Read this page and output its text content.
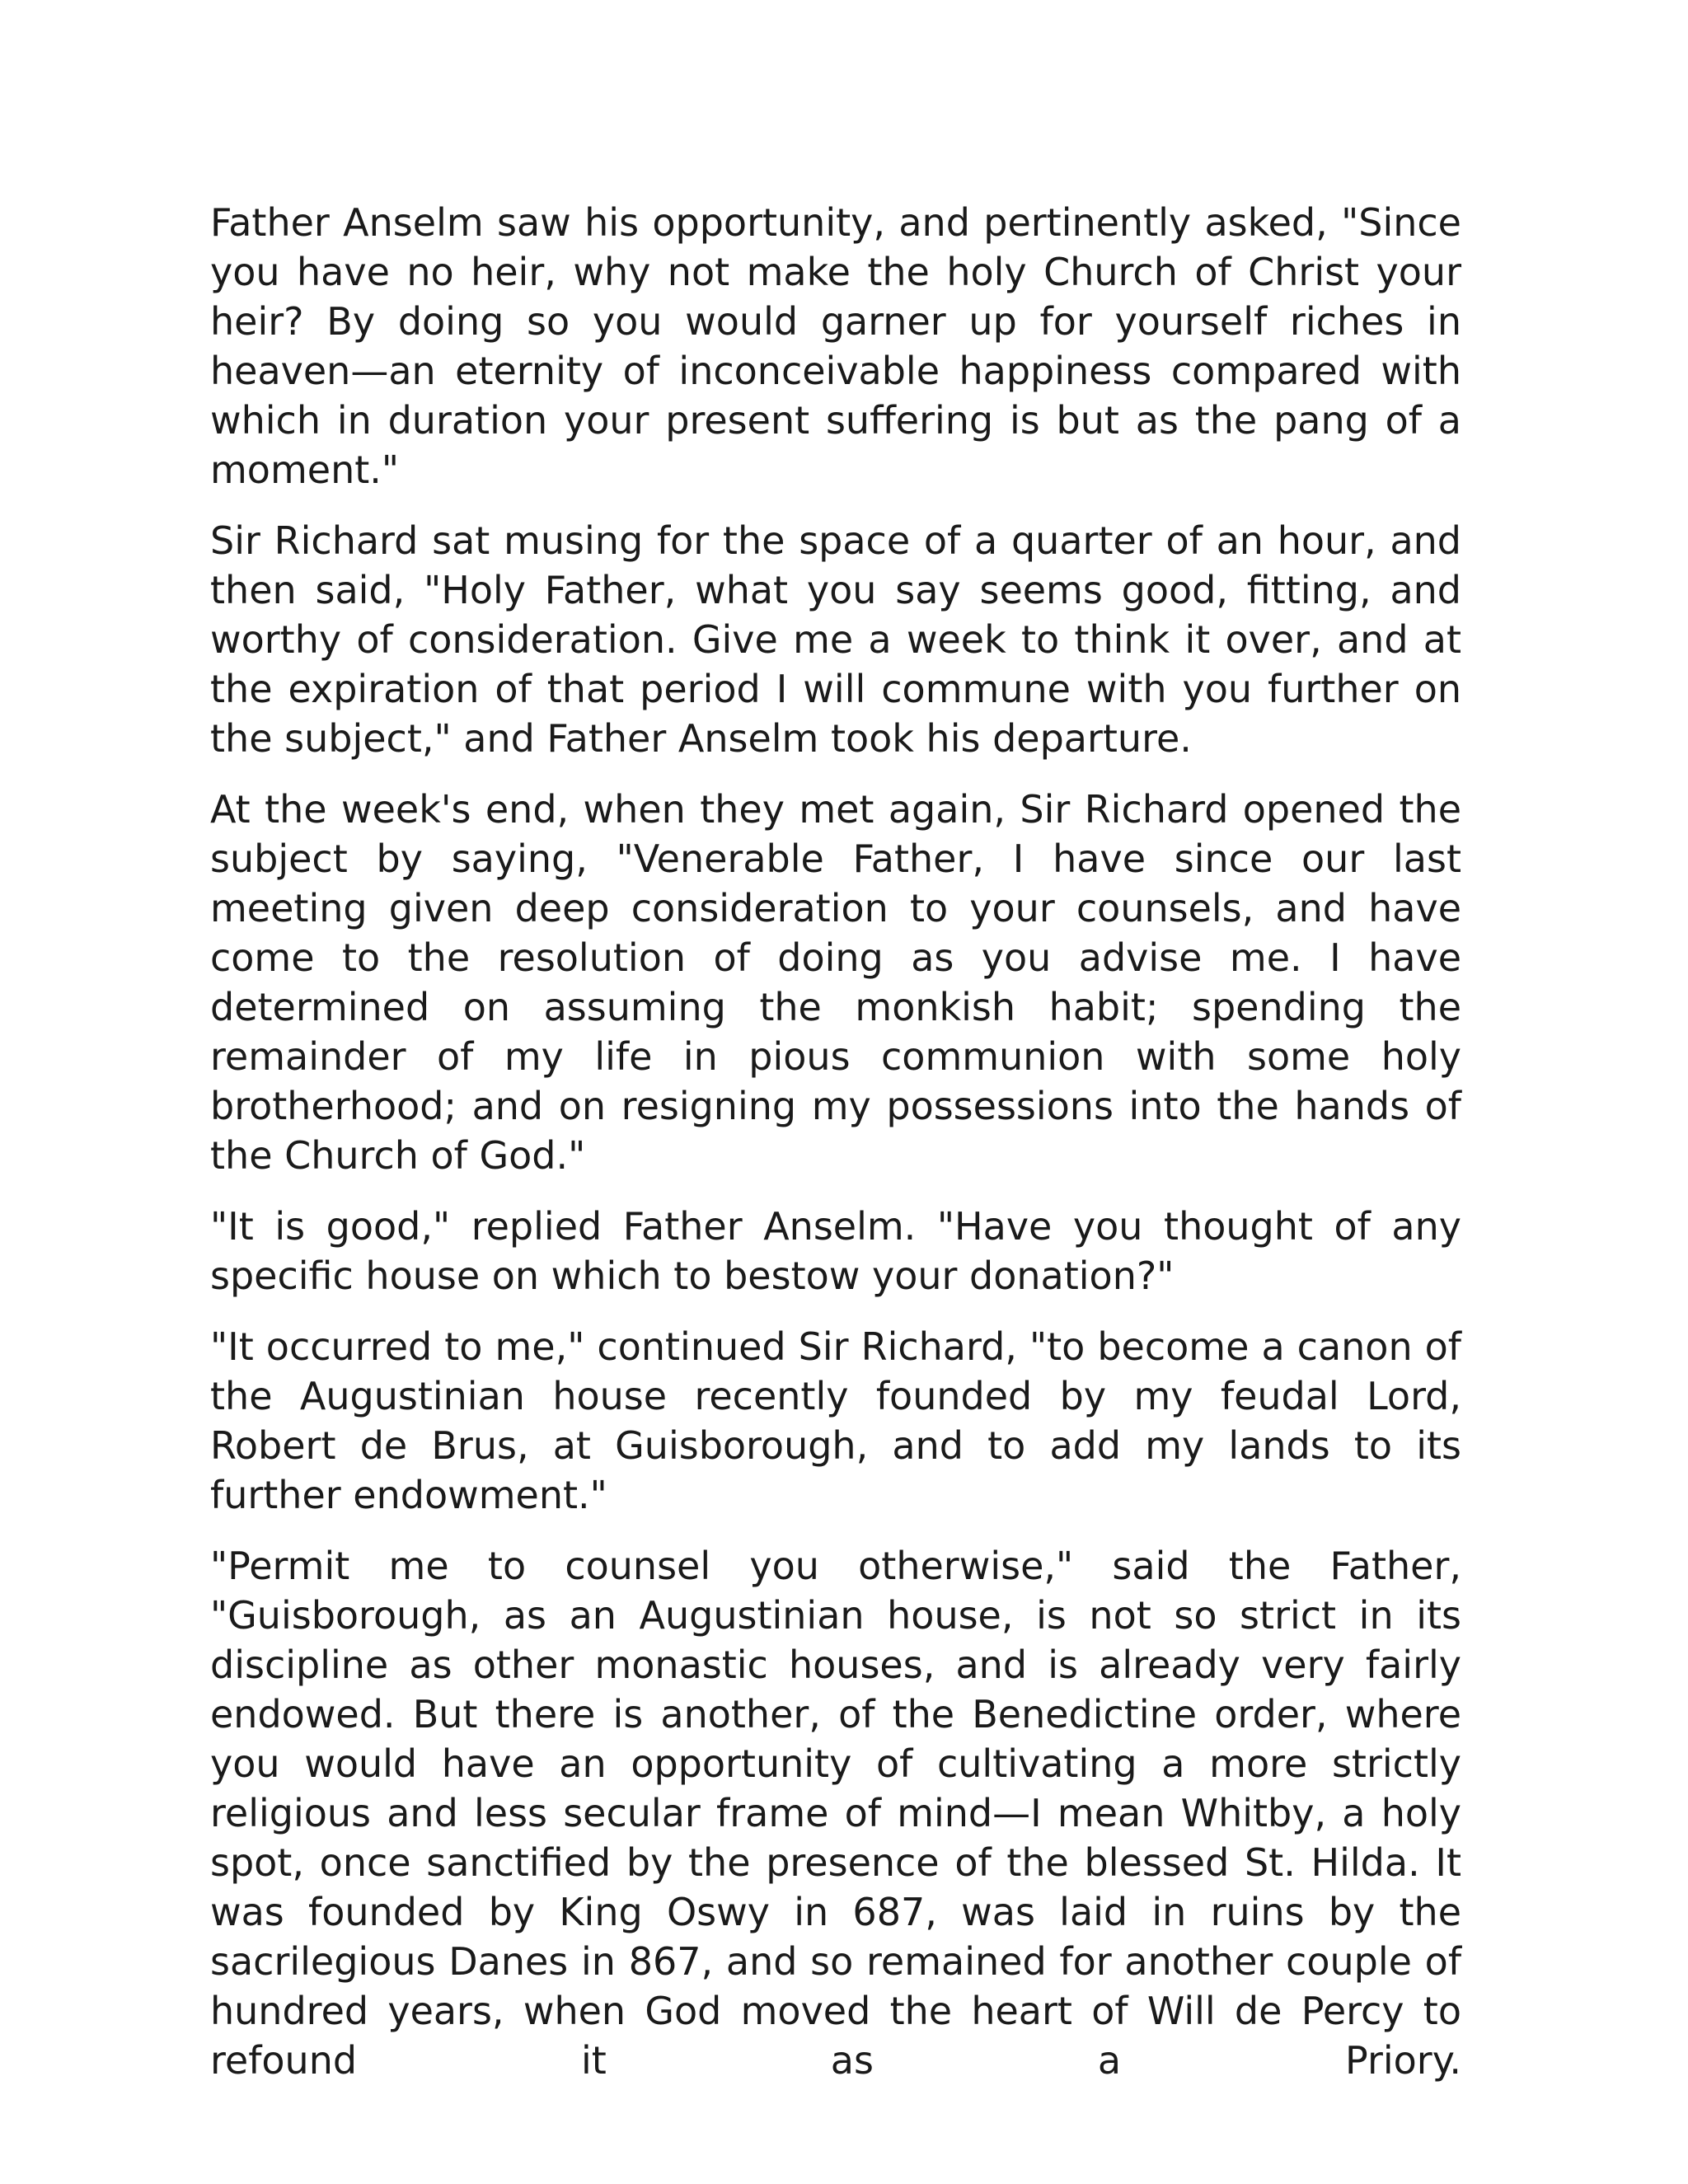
Father Anselm saw his opportunity, and pertinently asked, "Since you have no heir, why not make the holy Church of Christ your heir? By doing so you would garner up for yourself riches in heaven—an eternity of inconceivable happiness compared with which in duration your present suffering is but as the pang of a moment."

Sir Richard sat musing for the space of a quarter of an hour, and then said, "Holy Father, what you say seems good, fitting, and worthy of consideration. Give me a week to think it over, and at the expiration of that period I will commune with you further on the subject," and Father Anselm took his departure.

At the week's end, when they met again, Sir Richard opened the subject by saying, "Venerable Father, I have since our last meeting given deep consideration to your counsels, and have come to the resolution of doing as you advise me. I have determined on assuming the monkish habit; spending the remainder of my life in pious communion with some holy brotherhood; and on resigning my possessions into the hands of the Church of God."

"It is good," replied Father Anselm. "Have you thought of any specific house on which to bestow your donation?"

"It occurred to me," continued Sir Richard, "to become a canon of the Augustinian house recently founded by my feudal Lord, Robert de Brus, at Guisborough, and to add my lands to its further endowment."

"Permit me to counsel you otherwise," said the Father, "Guisborough, as an Augustinian house, is not so strict in its discipline as other monastic houses, and is already very fairly endowed. But there is another, of the Benedictine order, where you would have an opportunity of cultivating a more strictly religious and less secular frame of mind—I mean Whitby, a holy spot, once sanctified by the presence of the blessed St. Hilda. It was founded by King Oswy in 687, was laid in ruins by the sacrilegious Danes in 867, and so remained for another couple of hundred years, when God moved the heart of Will de Percy to refound it as a Priory.
